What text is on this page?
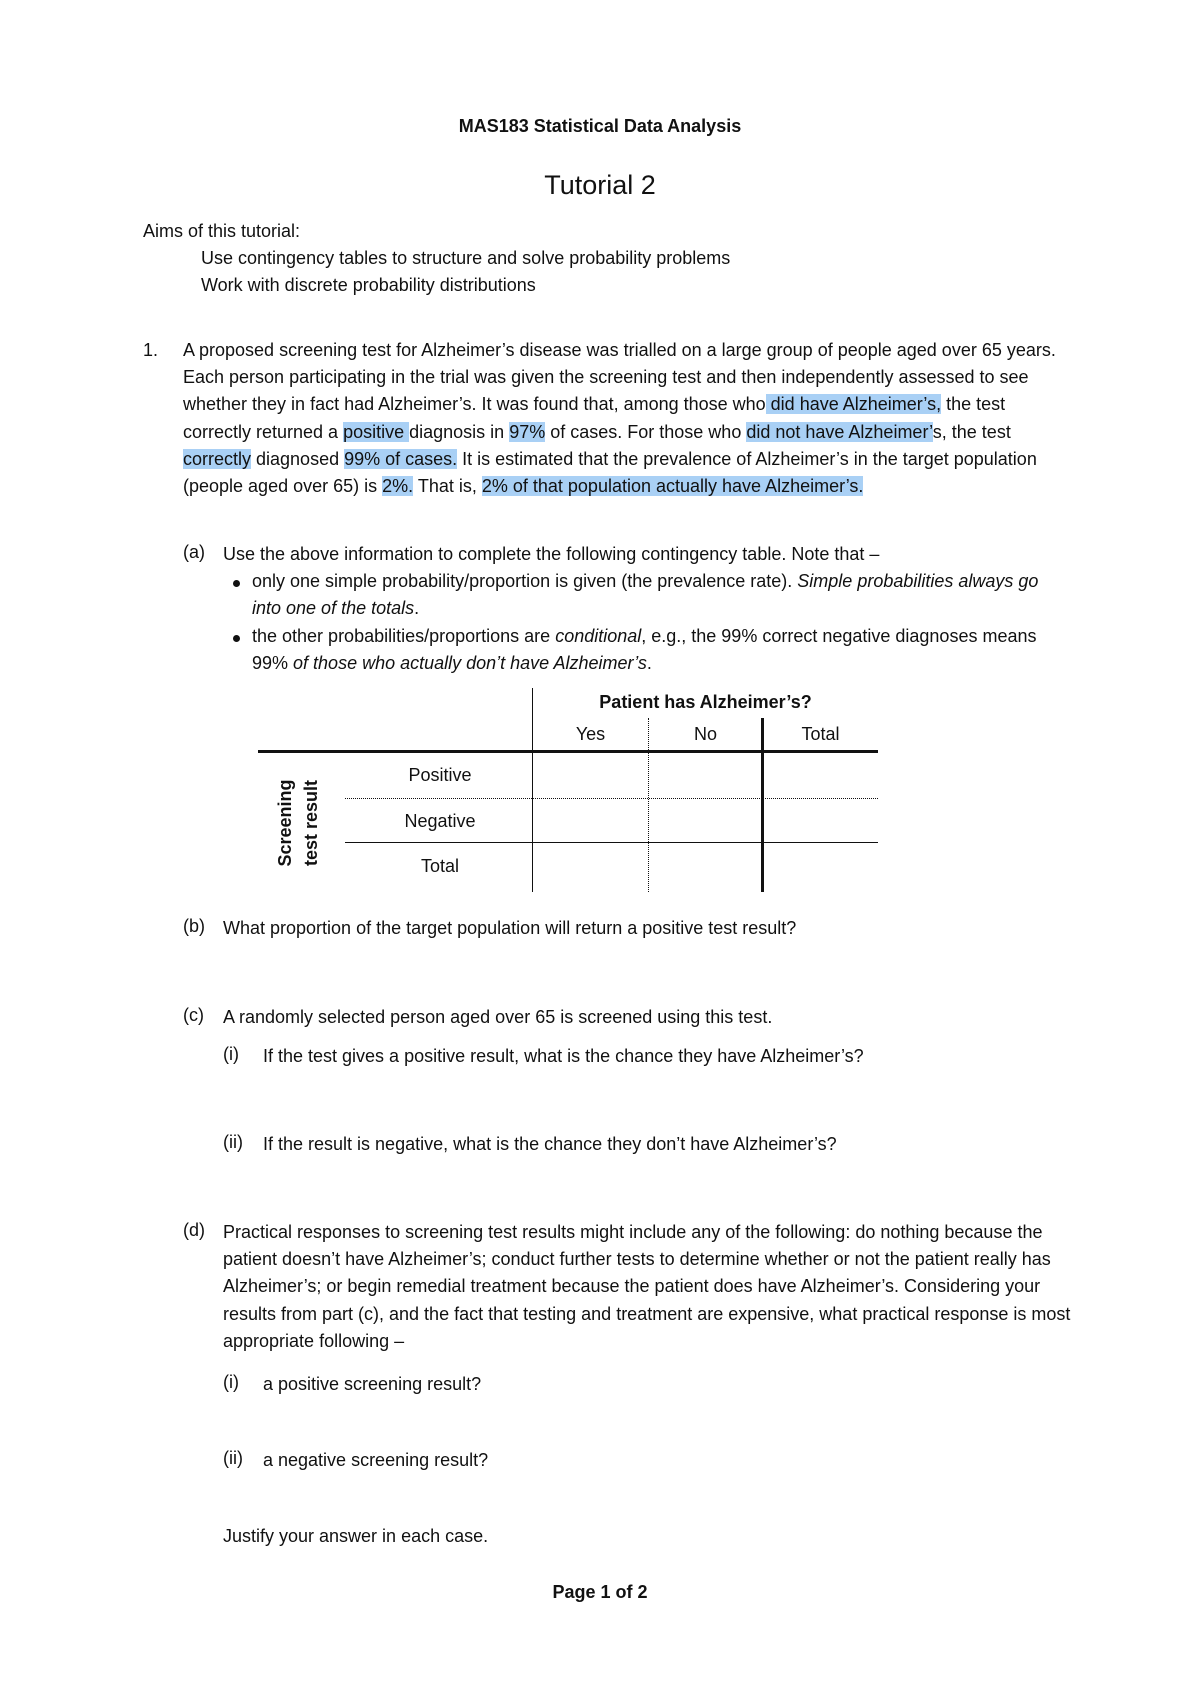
MAS183 Statistical Data Analysis
Tutorial 2
Aims of this tutorial:
Use contingency tables to structure and solve probability problems
Work with discrete probability distributions
1. A proposed screening test for Alzheimer’s disease was trialled on a large group of people aged over 65 years. Each person participating in the trial was given the screening test and then independently assessed to see whether they in fact had Alzheimer’s. It was found that, among those who did have Alzheimer’s, the test correctly returned a positive diagnosis in 97% of cases. For those who did not have Alzheimer’s, the test correctly diagnosed 99% of cases. It is estimated that the prevalence of Alzheimer’s in the target population (people aged over 65) is 2%. That is, 2% of that population actually have Alzheimer’s.
(a) Use the above information to complete the following contingency table. Note that –
only one simple probability/proportion is given (the prevalence rate). Simple probabilities always go into one of the totals.
the other probabilities/proportions are conditional, e.g., the 99% correct negative diagnoses means 99% of those who actually don’t have Alzheimer’s.
Patient has Alzheimer’s?
Yes	No	Total
Positive
Negative
Total
Screening test result
(b) What proportion of the target population will return a positive test result?
(c) A randomly selected person aged over 65 is screened using this test.
(i) If the test gives a positive result, what is the chance they have Alzheimer’s?
(ii) If the result is negative, what is the chance they don’t have Alzheimer’s?
(d) Practical responses to screening test results might include any of the following: do nothing because the patient doesn’t have Alzheimer’s; conduct further tests to determine whether or not the patient really has Alzheimer’s; or begin remedial treatment because the patient does have Alzheimer’s. Considering your results from part (c), and the fact that testing and treatment are expensive, what practical response is most appropriate following –
(i) a positive screening result?
(ii) a negative screening result?
Justify your answer in each case.
Page 1 of 2
